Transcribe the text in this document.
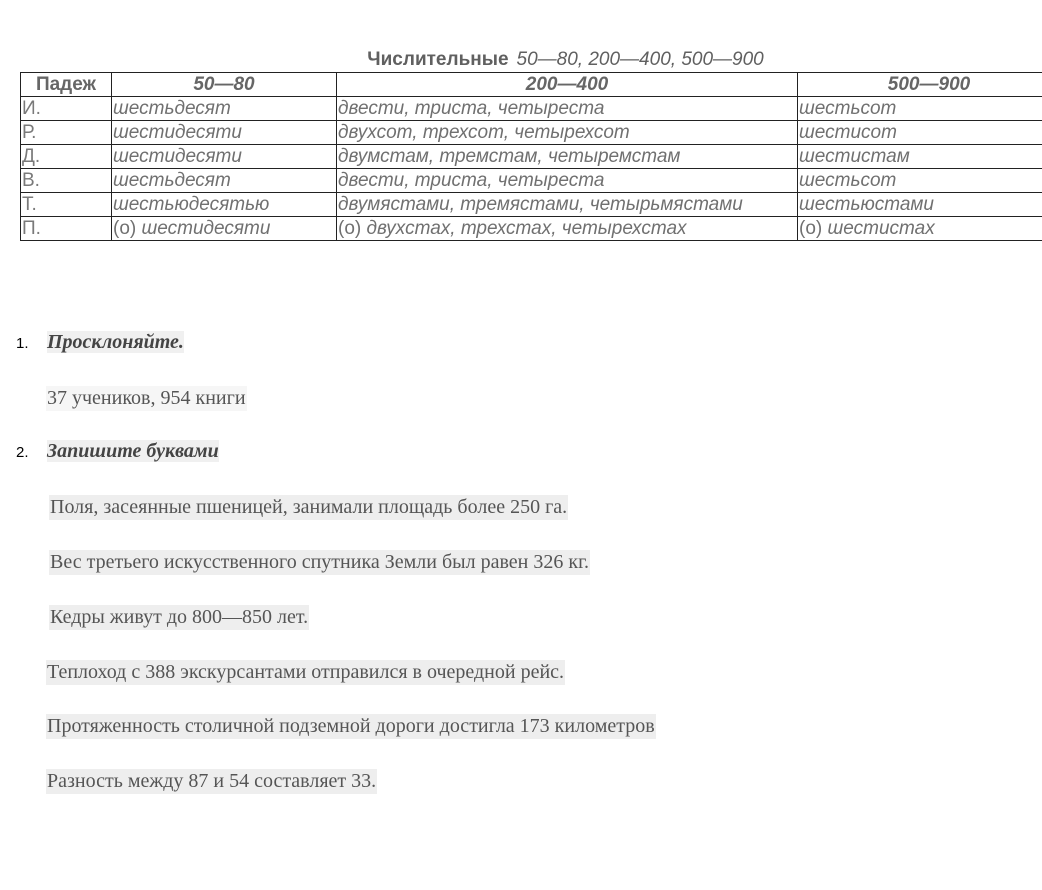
Числительные 50—80, 200—400, 500—900
Падеж	50—80	200—400	500—900
И.	шестьдесят	двести, триста, четыреста	шестьсот
Р.	шестидесяти	двухсот, трехсот, четырехсот	шестисот
Д.	шестидесяти	двумстам, тремстам, четыремстам	шестистам
В.	шестьдесят	двести, триста, четыреста	шестьсот
Т.	шестьюдесятью	двумястами, тремястами, четырьмястами	шестьюстами
П.	(о) шестидесяти	(о) двухстах, трехстах, четырехстах	(о) шестистах
1. Просклоняйте.
37 учеников, 954 книги
2. Запишите буквами
Поля, засеянные пшеницей, занимали площадь более 250 га.
Вес третьего искусственного спутника Земли был равен 326 кг.
Кедры живут до 800—850 лет.
Теплоход с 388 экскурсантами отправился в очередной рейс.
Протяженность столичной подземной дороги достигла 173 километров
Разность между 87 и 54 составляет 33.
